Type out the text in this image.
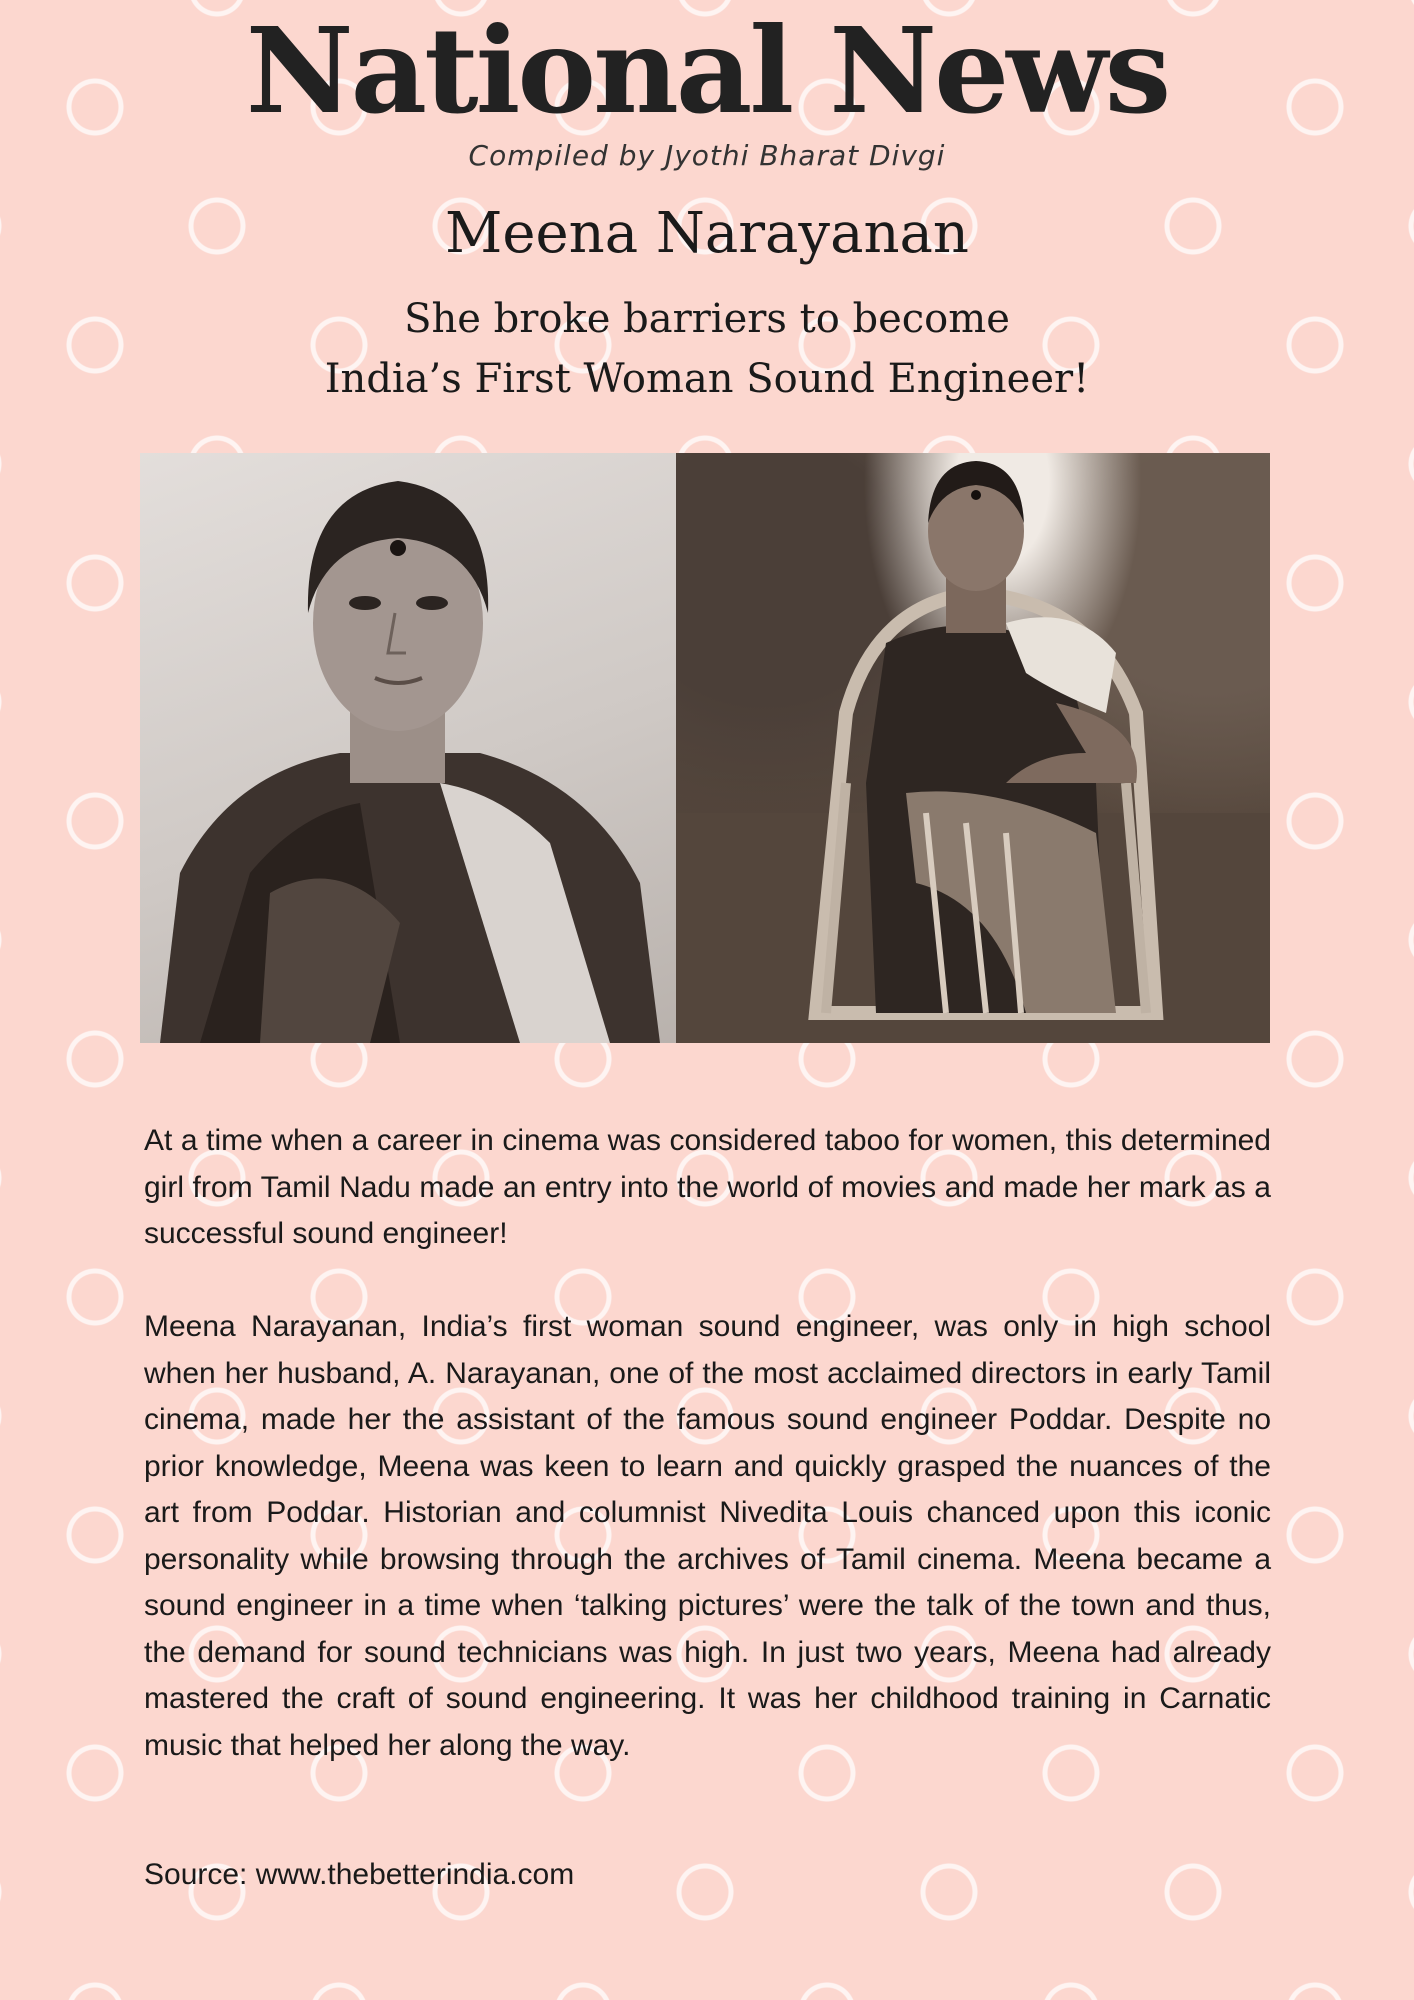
National News
Compiled by Jyothi Bharat Divgi
Meena Narayanan
She broke barriers to become
India’s First Woman Sound Engineer!

At a time when a career in cinema was considered taboo for women, this determined girl from Tamil Nadu made an entry into the world of movies and made her mark as a successful sound engineer!

Meena Narayanan, India’s first woman sound engineer, was only in high school when her husband, A. Narayanan, one of the most acclaimed directors in early Tamil cinema, made her the assistant of the famous sound engineer Poddar. Despite no prior knowledge, Meena was keen to learn and quickly grasped the nuances of the art from Poddar. Historian and columnist Nivedita Louis chanced upon this iconic personality while browsing through the archives of Tamil cinema. Meena became a sound engineer in a time when ‘talking pictures’ were the talk of the town and thus, the demand for sound technicians was high. In just two years, Meena had already mastered the craft of sound engineering. It was her childhood training in Carnatic music that helped her along the way.

Source: www.thebetterindia.com
